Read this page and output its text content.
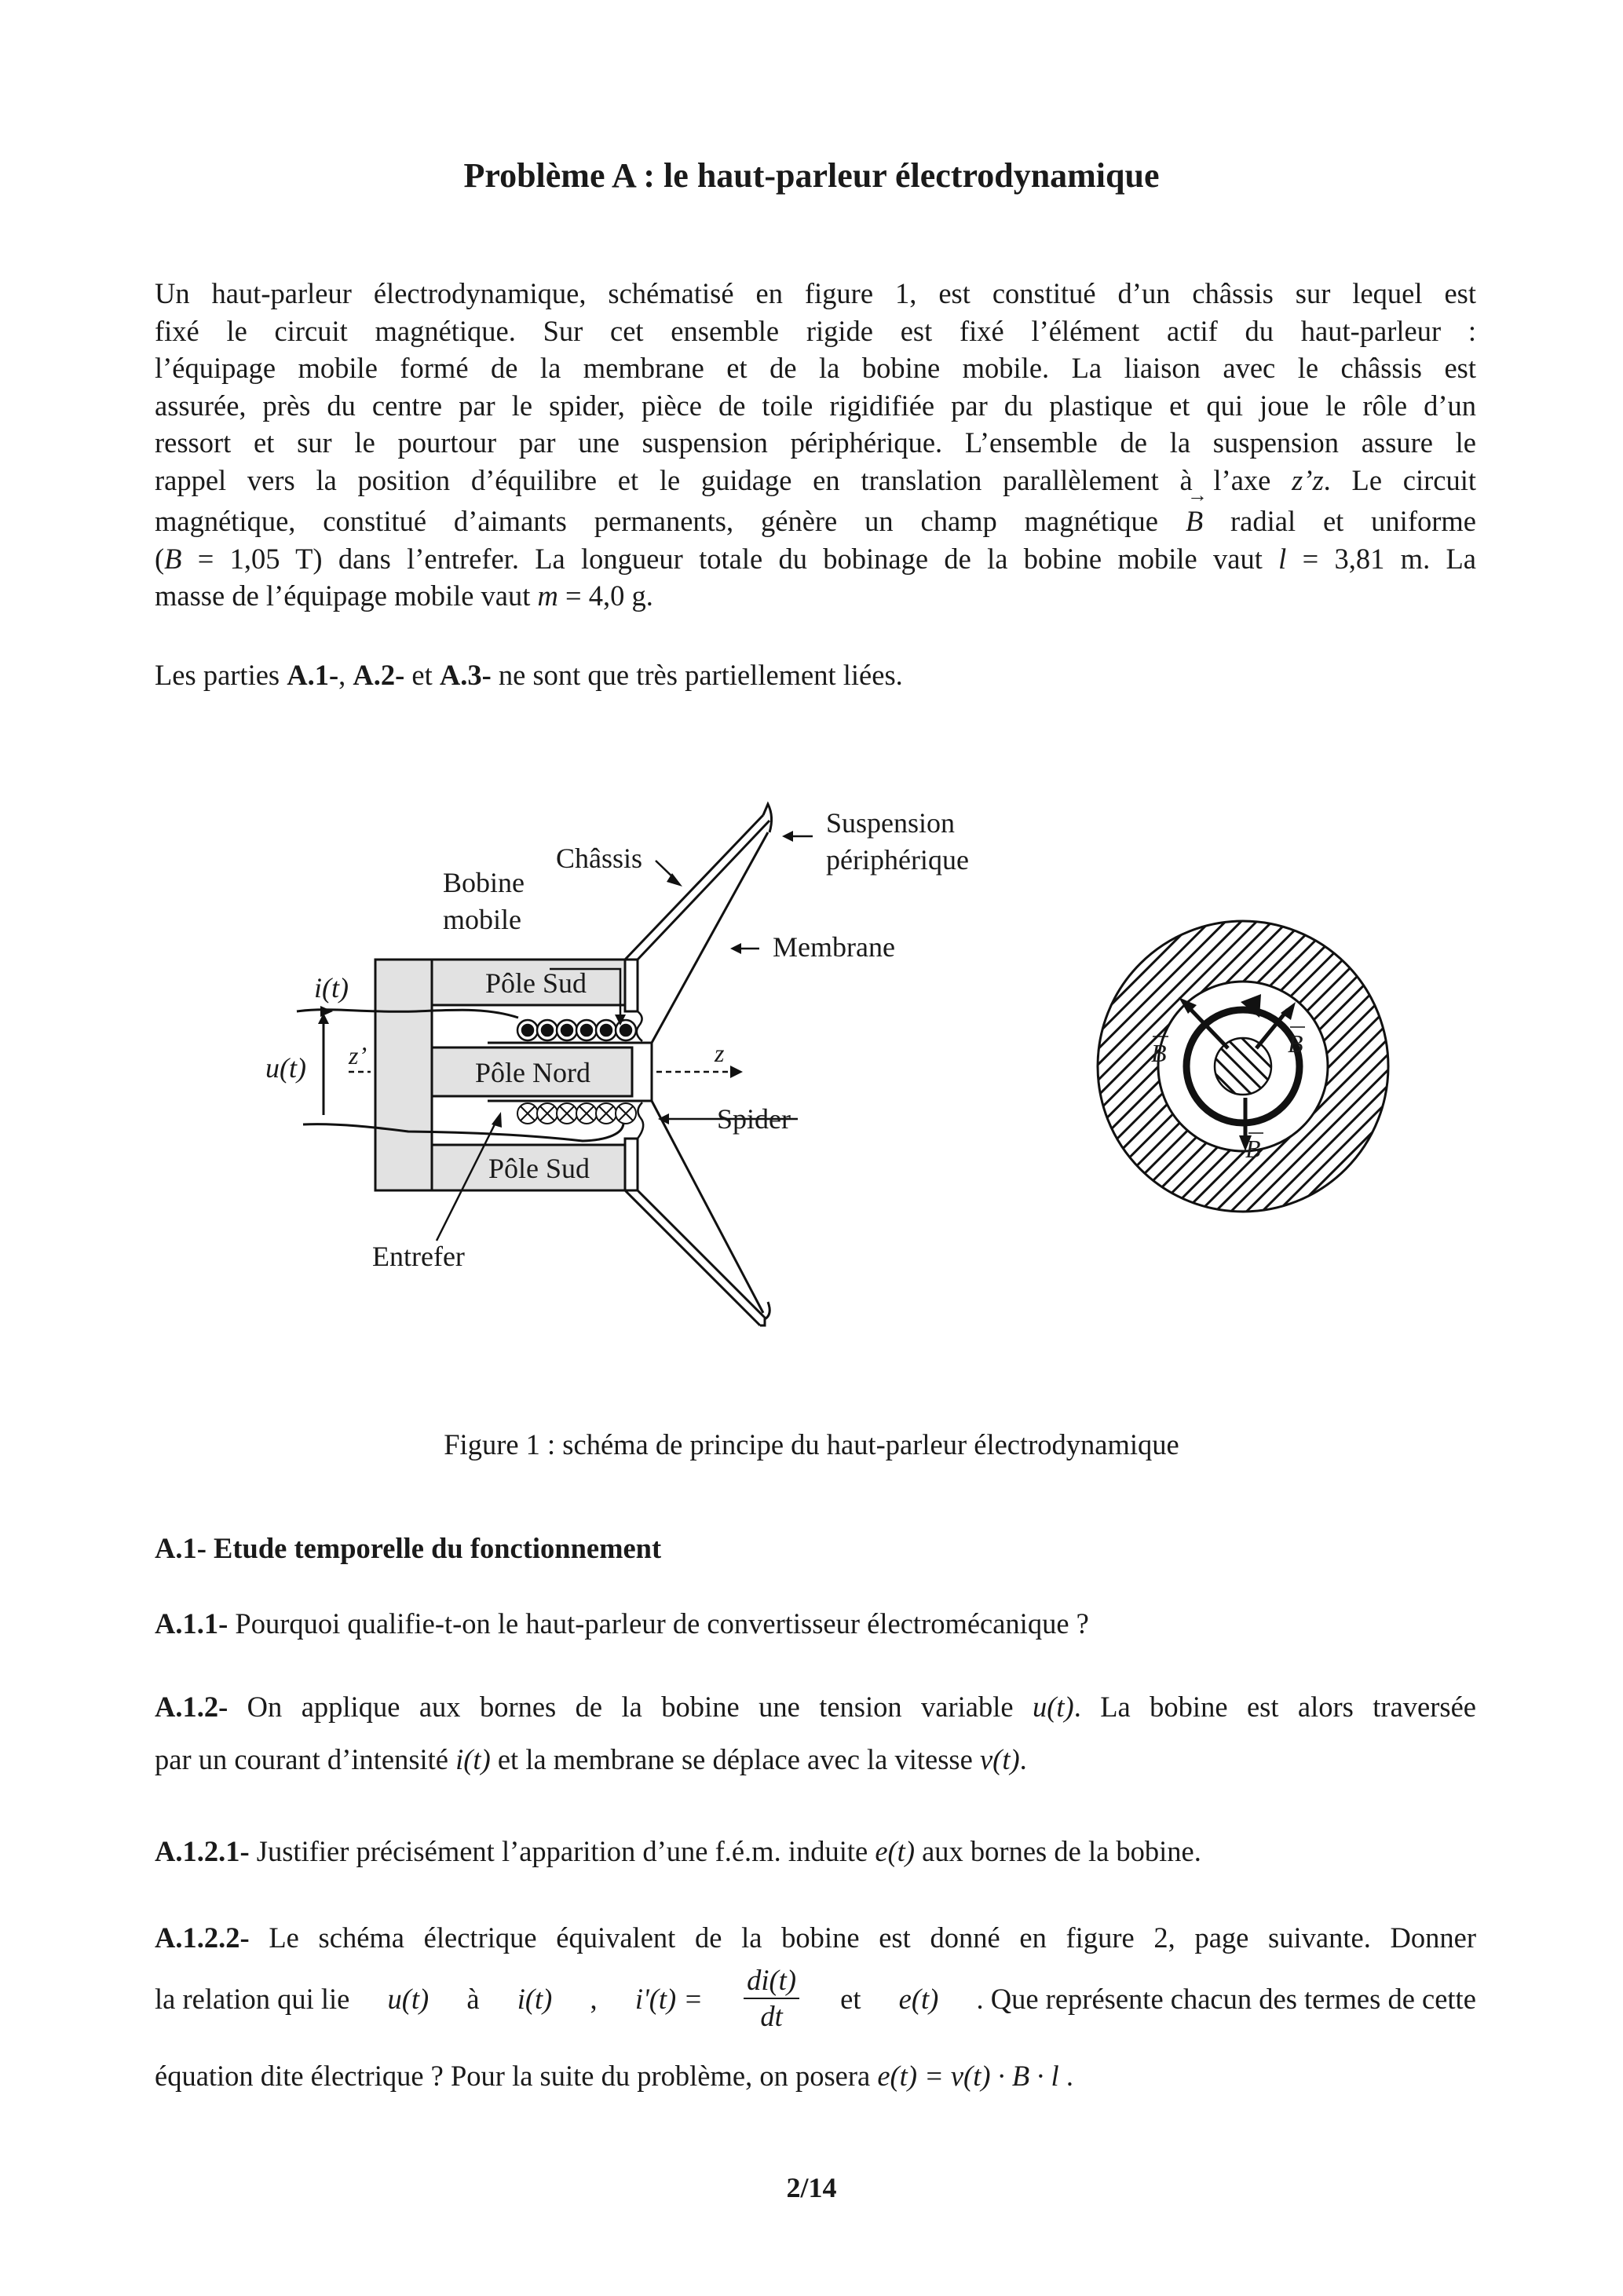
Problème A : le haut-parleur électrodynamique
Un haut-parleur électrodynamique, schématisé en figure 1, est constitué d’un châssis sur lequel est
fixé le circuit magnétique. Sur cet ensemble rigide est fixé l’élément actif du haut-parleur :
l’équipage mobile formé de la membrane et de la bobine mobile. La liaison avec le châssis est
assurée, près du centre par le spider, pièce de toile rigidifiée par du plastique et qui joue le rôle d’un
ressort et sur le pourtour par une suspension périphérique. L’ensemble de la suspension assure le
rappel vers la position d’équilibre et le guidage en translation parallèlement à l’axe z’z. Le circuit
magnétique, constitué d’aimants permanents, génère un champ magnétique → B radial et uniforme
(B = 1,05 T) dans l’entrefer. La longueur totale du bobinage de la bobine mobile vaut l = 3,81 m. La
masse de l’équipage mobile vaut m = 4,0 g.
Les parties A.1-, A.2- et A.3- ne sont que très partiellement liées.
Suspension
périphérique
Châssis
Bobine
mobile
Membrane
Pôle Sud
Pôle Nord
Pôle Sud
Spider
Entrefer
i(t)
u(t) z’	z	B	B
B
Figure 1 : schéma de principe du haut-parleur électrodynamique
A.1- Etude temporelle du fonctionnement
A.1.1- Pourquoi qualifie-t-on le haut-parleur de convertisseur électromécanique ?
A.1.2- On applique aux bornes de la bobine une tension variable u(t). La bobine est alors traversée
par un courant d’intensité i(t) et la membrane se déplace avec la vitesse v(t).
A.1.2.1- Justifier précisément l’apparition d’une f.é.m. induite e(t) aux bornes de la bobine.
A.1.2.2- Le schéma électrique équivalent de la bobine est donné en figure 2, page suivante. Donner
la relation qui lie u(t) à i(t) , $i'(t) = \frac{di(t)}{dt}$ et e(t) . Que représente chacun des termes de cette
équation dite électrique ? Pour la suite du problème, on posera e(t) = v(t) · B · l .
2/14
